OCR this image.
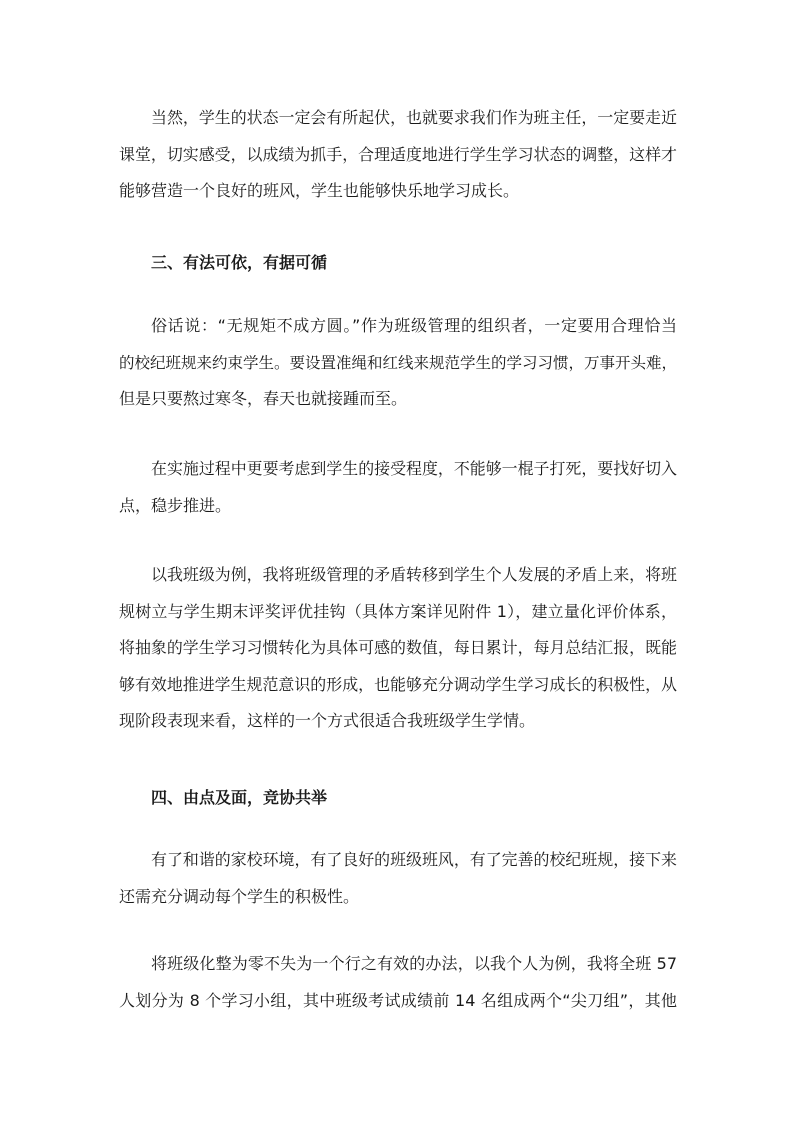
当然，学生的状态一定会有所起伏，也就要求我们作为班主任，一定要走近
课堂，切实感受，以成绩为抓手，合理适度地进行学生学习状态的调整，这样才
能够营造一个良好的班风，学生也能够快乐地学习成长。

三、有法可依，有据可循

俗话说：“无规矩不成方圆。”作为班级管理的组织者，一定要用合理恰当
的校纪班规来约束学生。要设置准绳和红线来规范学生的学习习惯，万事开头难，
但是只要熬过寒冬，春天也就接踵而至。

在实施过程中更要考虑到学生的接受程度，不能够一棍子打死，要找好切入
点，稳步推进。

以我班级为例，我将班级管理的矛盾转移到学生个人发展的矛盾上来，将班
规树立与学生期末评奖评优挂钩（具体方案详见附件 1），建立量化评价体系，
将抽象的学生学习习惯转化为具体可感的数值，每日累计，每月总结汇报，既能
够有效地推进学生规范意识的形成，也能够充分调动学生学习成长的积极性，从
现阶段表现来看，这样的一个方式很适合我班级学生学情。

四、由点及面，竞协共举

有了和谐的家校环境，有了良好的班级班风，有了完善的校纪班规，接下来
还需充分调动每个学生的积极性。

将班级化整为零不失为一个行之有效的办法，以我个人为例，我将全班 57
人划分为 8 个学习小组，其中班级考试成绩前 14 名组成两个“尖刀组”，其他
